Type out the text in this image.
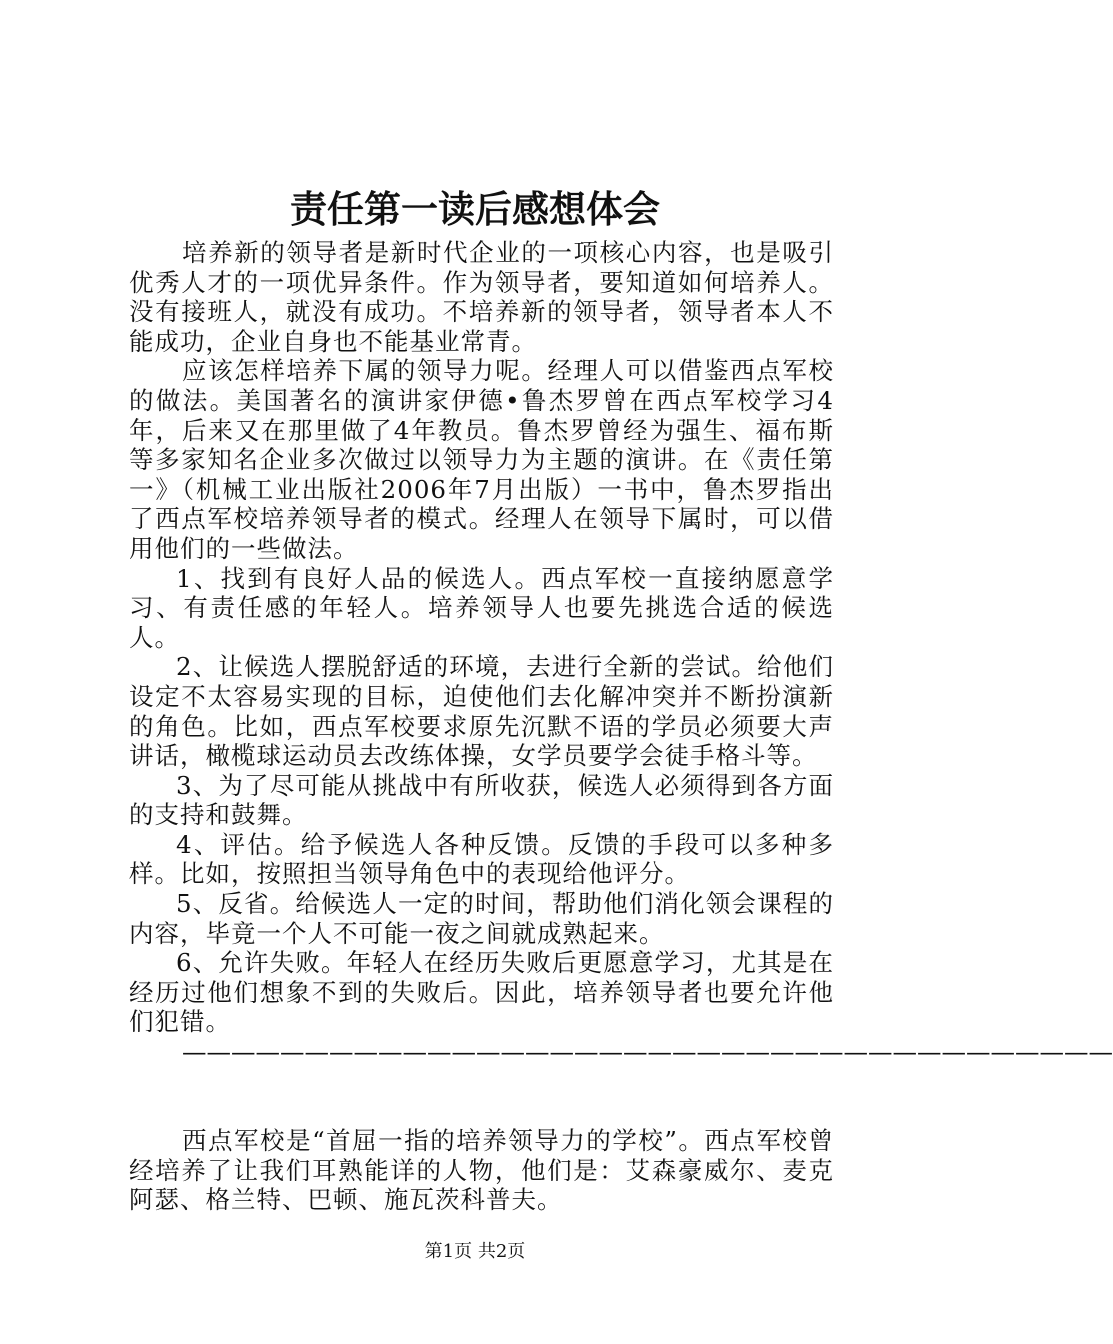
责任第一读后感想体会

培养新的领导者是新时代企业的一项核心内容，也是吸引优秀人才的一项优异条件。作为领导者，要知道如何培养人。没有接班人，就没有成功。不培养新的领导者，领导者本人不能成功，企业自身也不能基业常青。

应该怎样培养下属的领导力呢。经理人可以借鉴西点军校的做法。美国著名的演讲家伊德•鲁杰罗曾在西点军校学习4年，后来又在那里做了4年教员。鲁杰罗曾经为强生、福布斯等多家知名企业多次做过以领导力为主题的演讲。在《责任第一》（机械工业出版社2006年7月出版）一书中，鲁杰罗指出了西点军校培养领导者的模式。经理人在领导下属时，可以借用他们的一些做法。

1、找到有良好人品的候选人。西点军校一直接纳愿意学习、有责任感的年轻人。培养领导人也要先挑选合适的候选人。

2、让候选人摆脱舒适的环境，去进行全新的尝试。给他们设定不太容易实现的目标，迫使他们去化解冲突并不断扮演新的角色。比如，西点军校要求原先沉默不语的学员必须要大声讲话，橄榄球运动员去改练体操，女学员要学会徒手格斗等。

3、为了尽可能从挑战中有所收获，候选人必须得到各方面的支持和鼓舞。

4、评估。给予候选人各种反馈。反馈的手段可以多种多样。比如，按照担当领导角色中的表现给他评分。

5、反省。给候选人一定的时间，帮助他们消化领会课程的内容，毕竟一个人不可能一夜之间就成熟起来。

6、允许失败。年轻人在经历失败后更愿意学习，尤其是在经历过他们想象不到的失败后。因此，培养领导者也要允许他们犯错。

——————————————————————————————————————

西点军校是“首屈一指的培养领导力的学校”。西点军校曾经培养了让我们耳熟能详的人物，他们是：艾森豪威尔、麦克阿瑟、格兰特、巴顿、施瓦茨科普夫。

第1页 共2页
